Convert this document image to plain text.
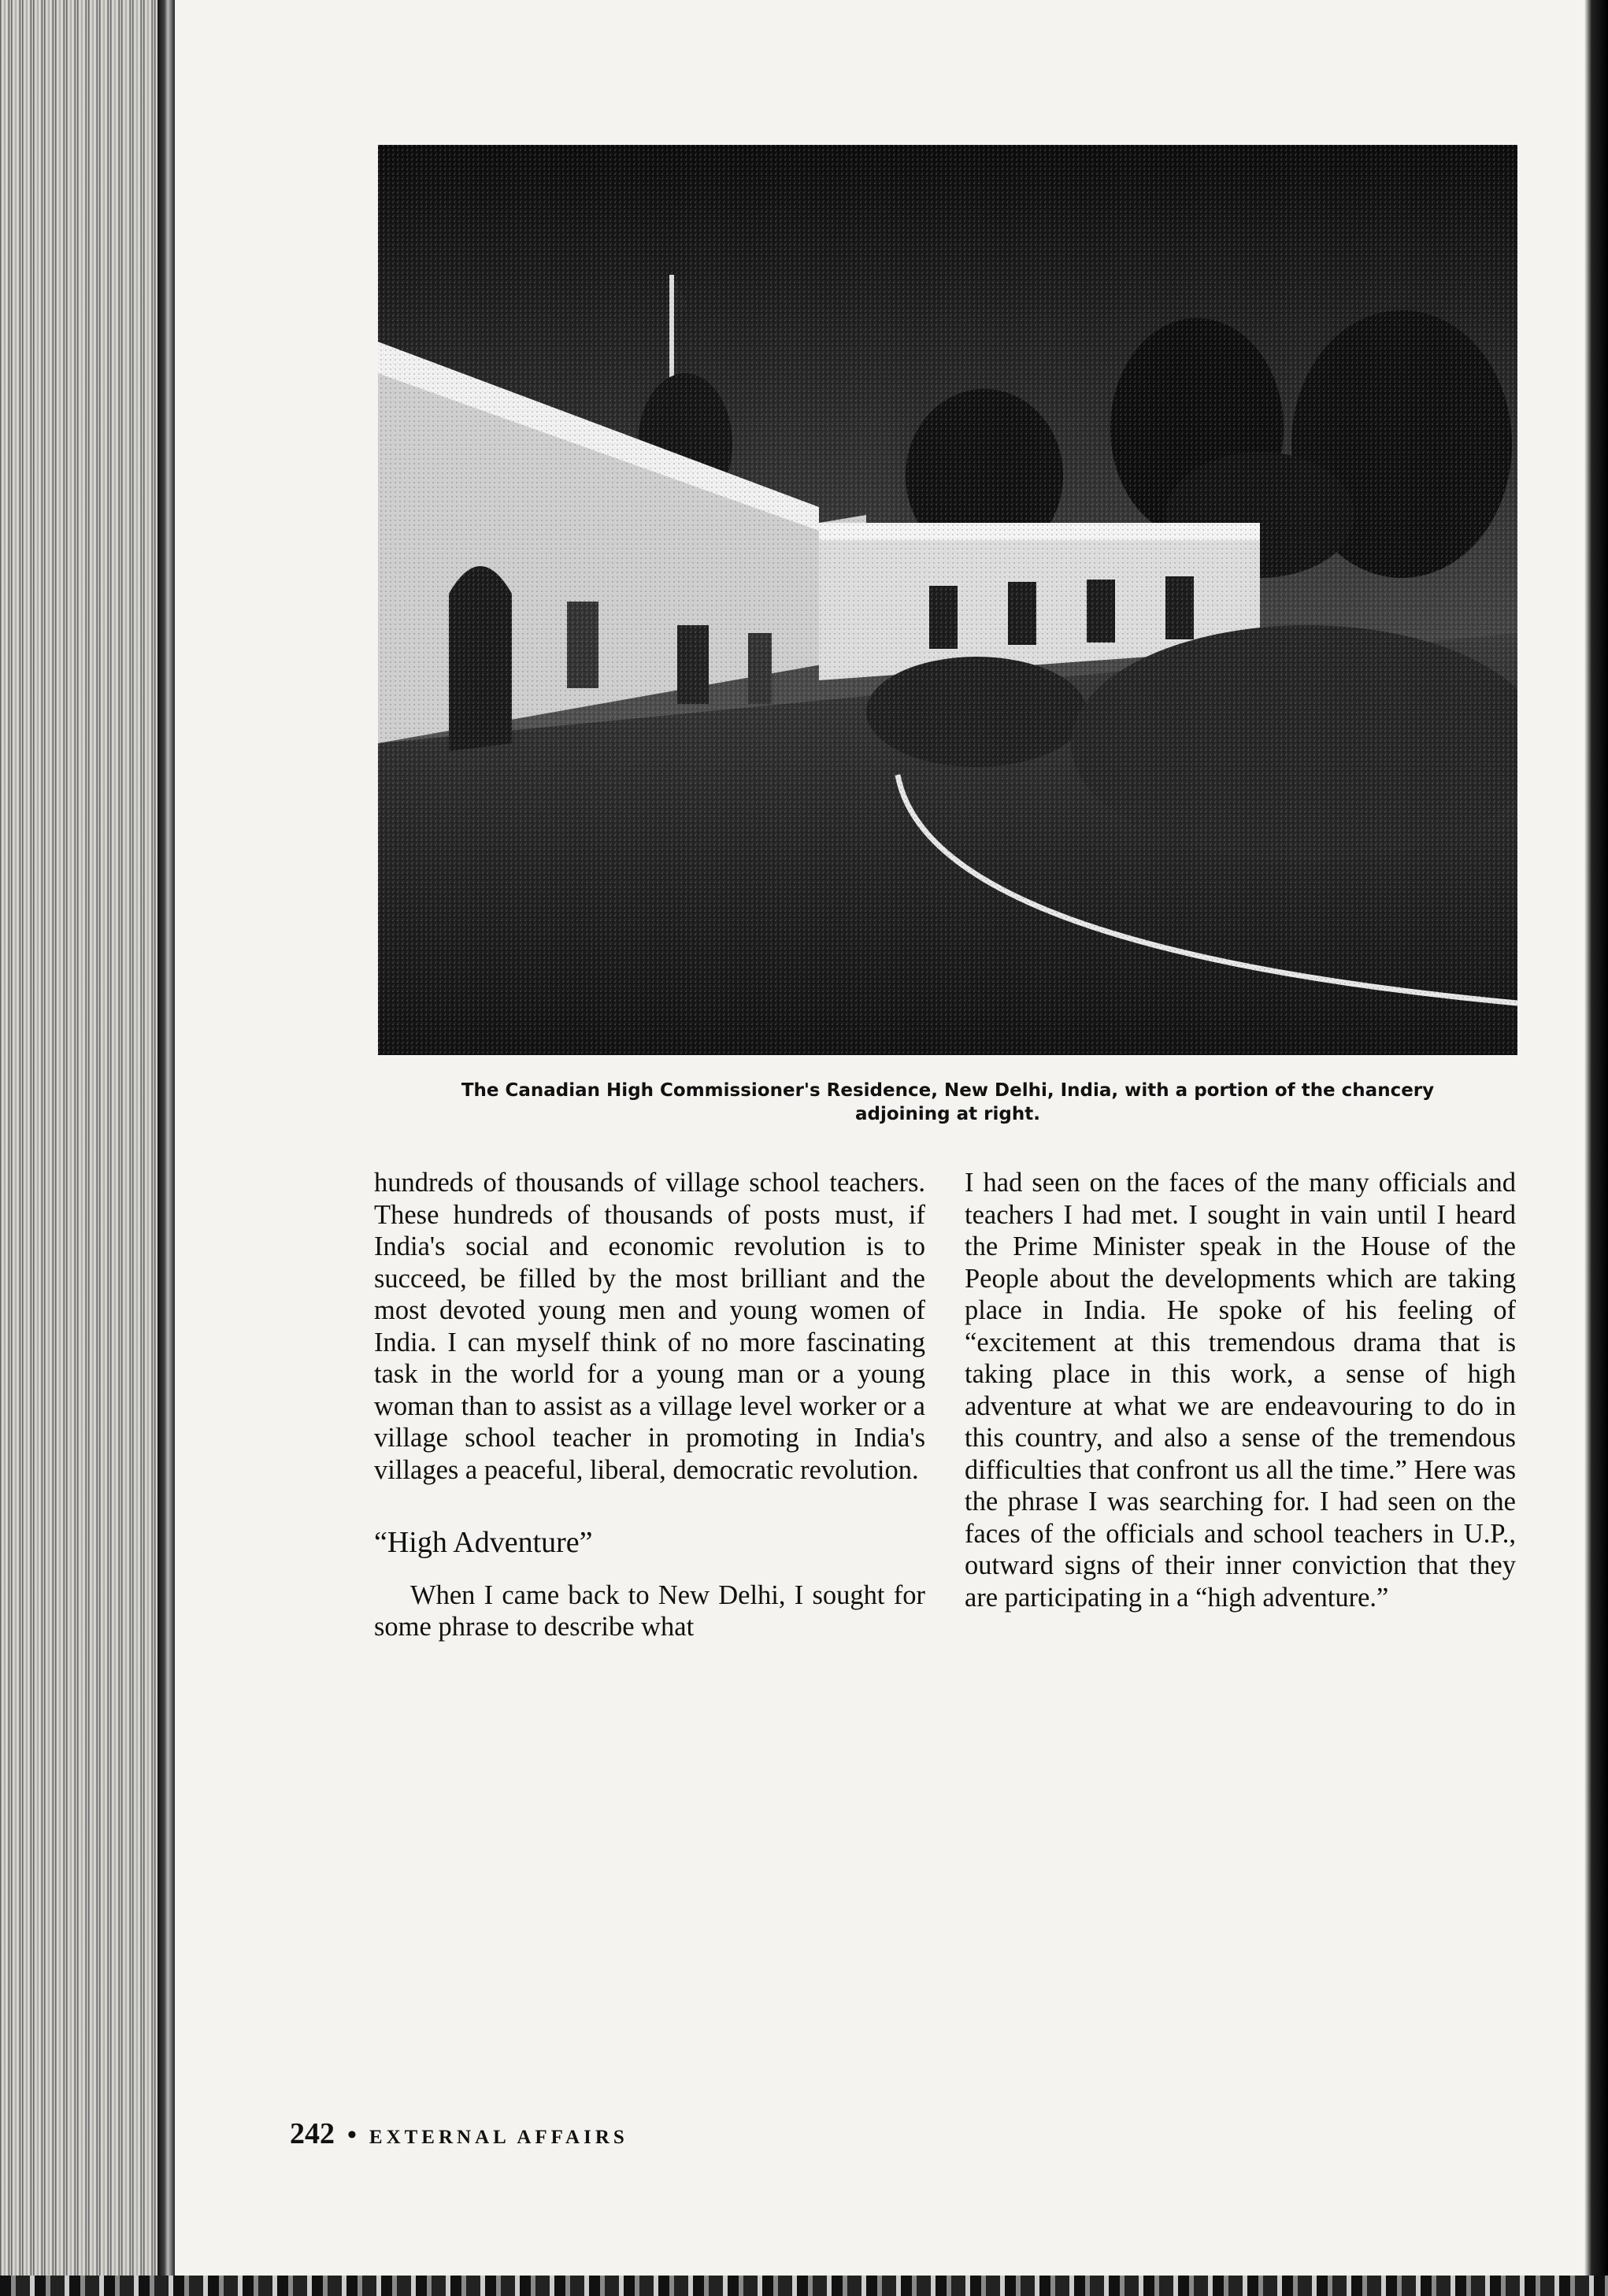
The Canadian High Commissioner's Residence, New Delhi, India, with a portion of the chancery
adjoining at right.

hundreds of thousands of village school teachers. These hundreds of thousands of posts must, if India's social and economic revolution is to succeed, be filled by the most brilliant and the most devoted young men and young women of India. I can myself think of no more fascinating task in the world for a young man or a young woman than to assist as a village level worker or a village school teacher in promoting in India's villages a peaceful, liberal, democratic revolution.

“High Adventure”

When I came back to New Delhi, I sought for some phrase to describe what

I had seen on the faces of the many officials and teachers I had met. I sought in vain until I heard the Prime Minister speak in the House of the People about the developments which are taking place in India. He spoke of his feeling of “excitement at this tremendous drama that is taking place in this work, a sense of high adventure at what we are endeavouring to do in this country, and also a sense of the tremendous difficulties that confront us all the time.” Here was the phrase I was searching for. I had seen on the faces of the officials and school teachers in U.P., outward signs of their inner conviction that they are participating in a “high adventure.”

242 • EXTERNAL AFFAIRS
